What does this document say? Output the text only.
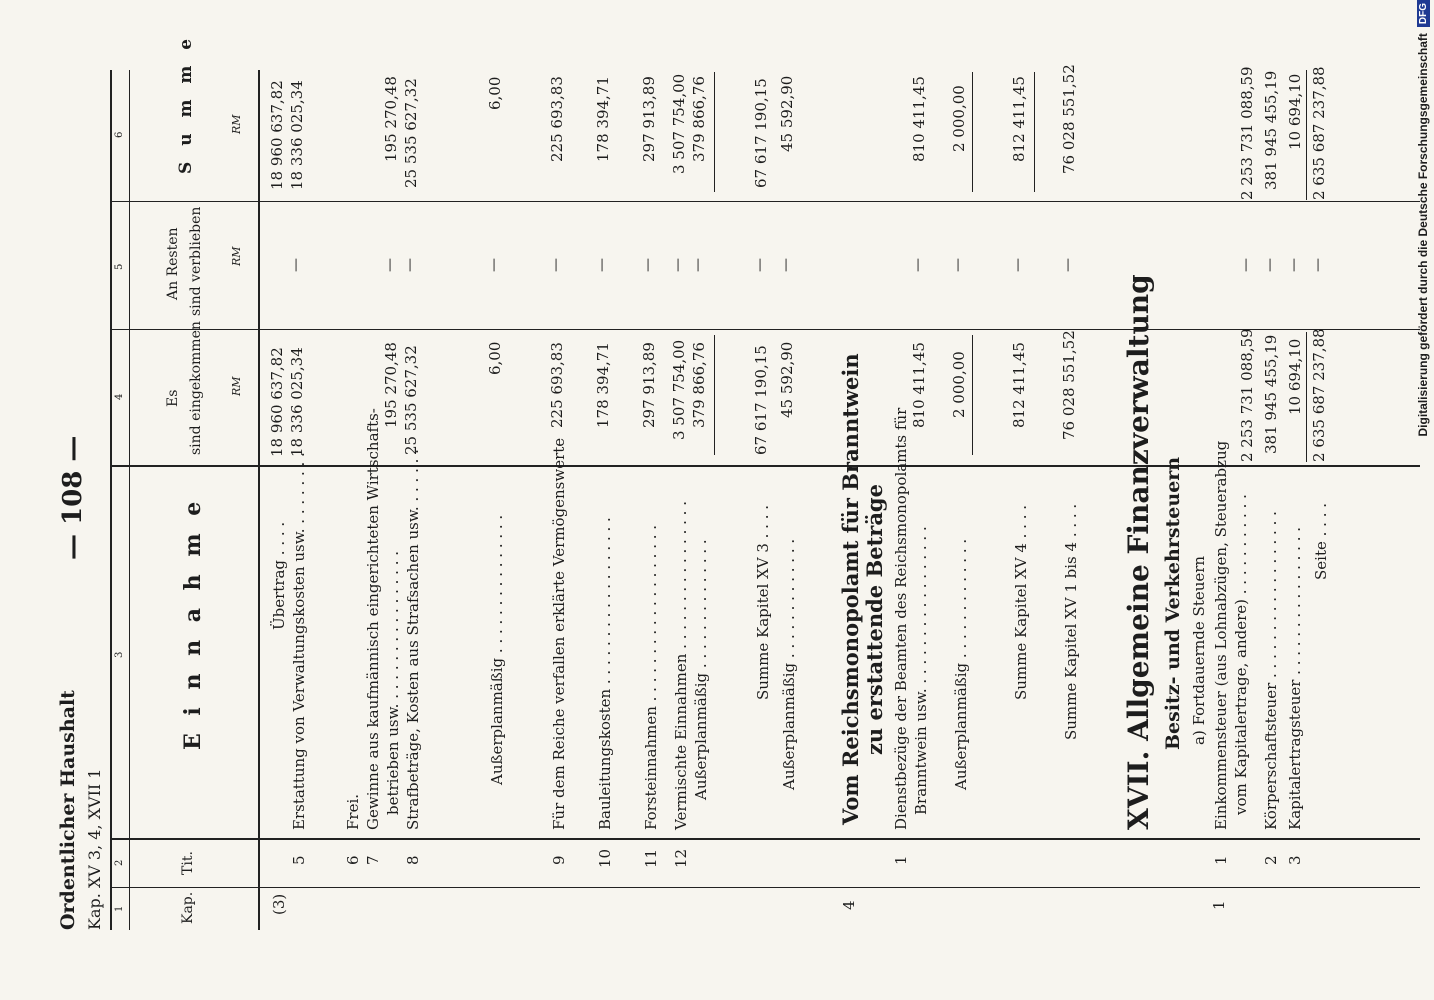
Ordentlicher Haushalt Kap. XV 3, 4, XVII 1
— 108 —
1
2
3
4
5
6
Kap.
Tit.
E i n n a h m e
Es sind eingekommen
An Resten sind verblieben
S u m m e
RM
RM
RM
(3)
Übertrag . . . .
18 960 637,82
18 960 637,82
5
Erstattung von Verwaltungskosten usw. . . . . . . . .
18 336 025,34
—
18 336 025,34
6
Frei.
7
Gewinne aus kaufmännisch eingerichteten Wirtschafts- betrieben usw. . . . . . . . . . . . . . . . .
195 270,48
—
195 270,48
8
Strafbeträge, Kosten aus Strafsachen usw. . . . . . .
25 535 627,32
—
25 535 627,32
Außerplanmäßig . . . . . . . . . . . . . . .
6,00
—
6,00
9
Für dem Reiche verfallen erklärte Vermögenswerte
225 693,83
—
225 693,83
10
Bauleitungskosten . . . . . . . . . . . . . . . . . .
178 394,71
—
178 394,71
11
Forsteinnahmen . . . . . . . . . . . . . . . . . . .
297 913,89
—
297 913,89
12
Vermischte Einnahmen . . . . . . . . . . . . . . . .
3 507 754,00
—
3 507 754,00
Außerplanmäßig . . . . . . . . . . . . . .
379 866,76
—
379 866,76
Summe Kapitel XV 3 . . . .
67 617 190,15
—
67 617 190,15
Außerplanmäßig . . . . . . . . . . . . .
45 592,90
—
45 592,90
4
Vom Reichsmonopolamt für Branntwein zu erstattende Beträge
1
Dienstbezüge der Beamten des Reichsmonopolamts für Branntwein usw. . . . . . . . . . . . . . . . . .
810 411,45
—
810 411,45
Außerplanmäßig . . . . . . . . . . . . .
2 000,00
—
2 000,00
Summe Kapitel XV 4 . . . .
812 411,45
—
812 411,45
Summe Kapitel XV 1 bis 4 . . . .
76 028 551,52
—
76 028 551,52
XVII. Allgemeine Finanzverwaltung Besitz- und Verkehrsteuern a) Fortdauernde Steuern
1
1
Einkommensteuer (aus Lohnabzügen, Steuerabzug vom Kapitalertrage, andere) . . . . . . . . . . .
2 253 731 088,59
—
2 253 731 088,59
2
Körperschaftsteuer . . . . . . . . . . . . . . . . . .
381 945 455,19
—
381 945 455,19
3
Kapitalertragsteuer . . . . . . . . . . . . . . . .
10 694,10
—
10 694,10
Seite . . . .
2 635 687 237,88
—
2 635 687 237,88	Digitalisierung gefördert durch die Deutsche Forschungsgemeinschaft
DFG
